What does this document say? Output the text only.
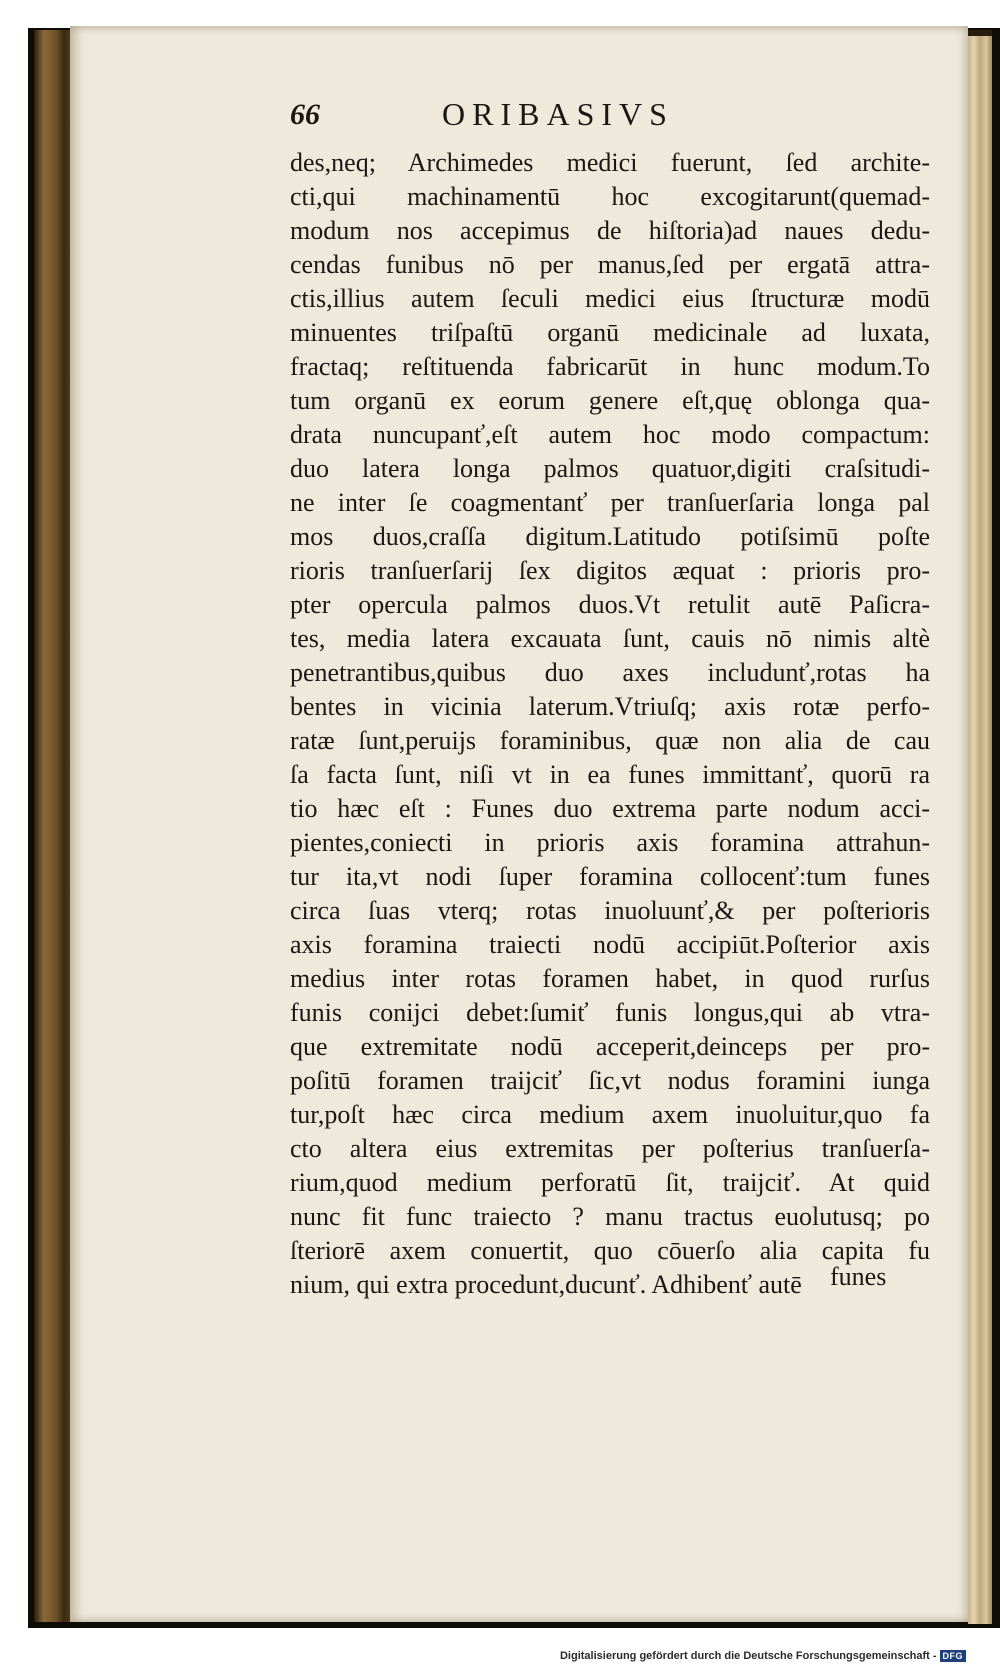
66	ORIBASIVS
des,neq; Archimedes medici fuerunt, ſed archite-
cti,qui machinamentū hoc excogitarunt(quemad-
modum nos accepimus de hiſtoria)ad naues dedu-
cendas funibus nō per manus,ſed per ergatā attra-
ctis,illius autem ſeculi medici eius ſtructuræ modū
minuentes triſpaſtū organū medicinale ad luxata,
fractaq; reſtituenda fabricarūt in hunc modum.To
tum organū ex eorum genere eſt,quę oblonga qua-
drata nuncupanť,eſt autem hoc modo compactum:
duo latera longa palmos quatuor,digiti craſsitudi-
ne inter ſe coagmentanť per tranſuerſaria longa pal
mos duos,craſſa digitum.Latitudo potiſsimū poſte
rioris tranſuerſarij ſex digitos æquat : prioris pro-
pter opercula palmos duos.Vt retulit autē Paſicra-
tes, media latera excauata ſunt, cauis nō nimis altè
penetrantibus,quibus duo axes includunť,rotas ha
bentes in vicinia laterum.Vtriuſq; axis rotæ perfo-
ratæ ſunt,peruijs foraminibus, quæ non alia de cau
ſa facta ſunt, niſi vt in ea funes immittanť, quorū ra
tio hæc eſt : Funes duo extrema parte nodum acci-
pientes,coniecti in prioris axis foramina attrahun-
tur ita,vt nodi ſuper foramina collocenť:tum funes
circa ſuas vterq; rotas inuoluunť,& per poſterioris
axis foramina traiecti nodū accipiūt.Poſterior axis
medius inter rotas foramen habet, in quod rurſus
funis conijci debet:ſumiť funis longus,qui ab vtra-
que extremitate nodū acceperit,deinceps per pro-
poſitū foramen traijciť ſic,vt nodus foramini iunga
tur,poſt hæc circa medium axem inuoluitur,quo fa
cto altera eius extremitas per poſterius tranſuerſa-
rium,quod medium perforatū ſit, traijciť. At quid
nunc fit func traiecto ? manu tractus euolutusq; po
ſteriorē axem conuertit, quo cōuerſo alia capita fu
nium, qui extra procedunt,ducunť. Adhibenť autē	funes
Digitalisierung gefördert durch die Deutsche Forschungsgemeinschaft - DFG
